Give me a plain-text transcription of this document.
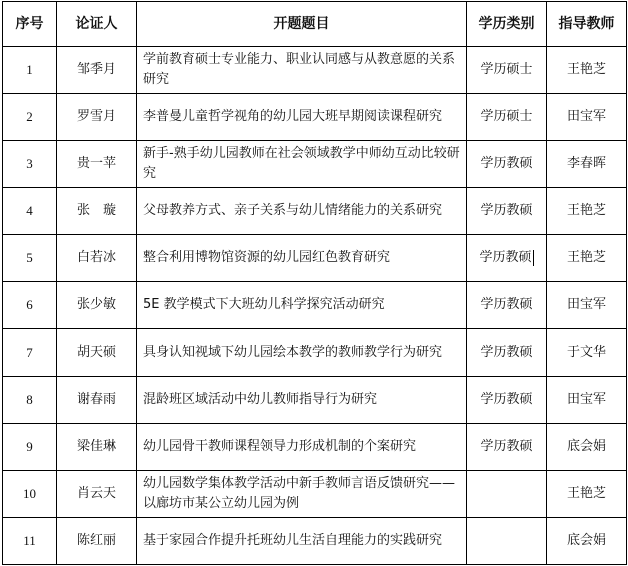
序号	论证人	开题题目	学历类别	指导教师
1	邹季月	学前教育硕士专业能力、职业认同感与从教意愿的关系研究	学历硕士	王艳芝
2	罗雪月	李普曼儿童哲学视角的幼儿园大班早期阅读课程研究	学历硕士	田宝军
3	贵一苹	新手-熟手幼儿园教师在社会领域教学中师幼互动比较研究	学历教硕	李春晖
4	张　璇	父母教养方式、亲子关系与幼儿情绪能力的关系研究	学历教硕	王艳芝
5	白若冰	整合利用博物馆资源的幼儿园红色教育研究	学历教硕	王艳芝
6	张少敏	5E 教学模式下大班幼儿科学探究活动研究	学历教硕	田宝军
7	胡天硕	具身认知视域下幼儿园绘本教学的教师教学行为研究	学历教硕	于文华
8	谢春雨	混龄班区域活动中幼儿教师指导行为研究	学历教硕	田宝军
9	梁佳琳	幼儿园骨干教师课程领导力形成机制的个案研究	学历教硕	底会娟
10	肖云天	幼儿园数学集体教学活动中新手教师言语反馈研究——以廊坊市某公立幼儿园为例		王艳芝
11	陈红丽	基于家园合作提升托班幼儿生活自理能力的实践研究		底会娟
